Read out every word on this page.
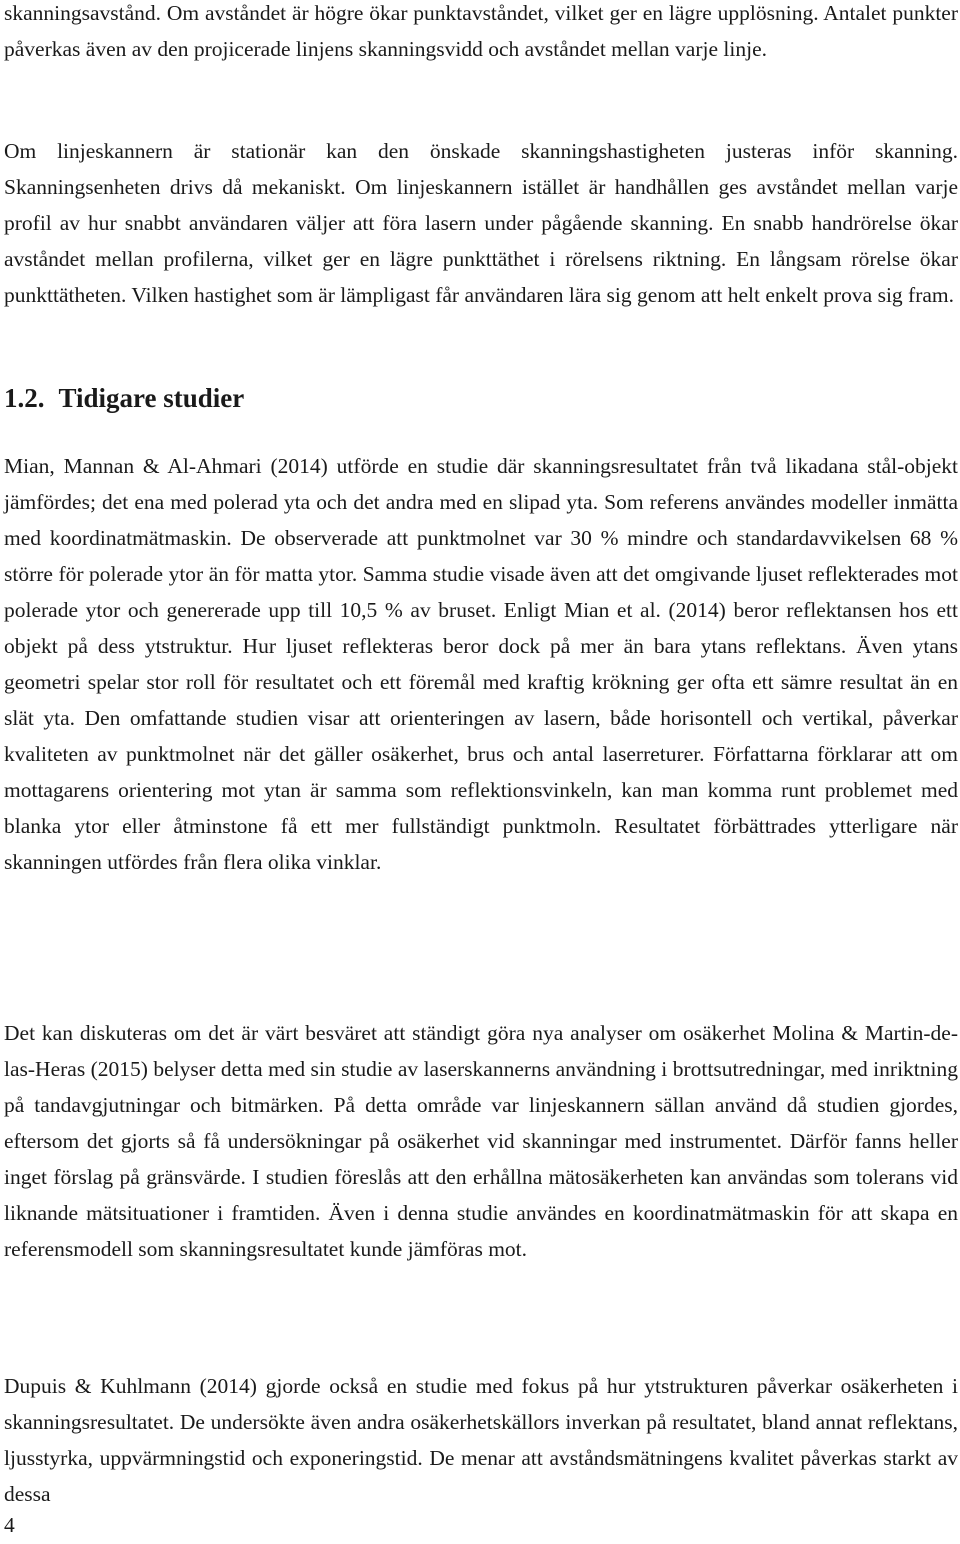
skanningsavstånd. Om avståndet är högre ökar punktavståndet, vilket ger en lägre upplösning. Antalet punkter påverkas även av den projicerade linjens skanningsvidd och avståndet mellan varje linje.

Om linjeskannern är stationär kan den önskade skanningshastigheten justeras inför skanning. Skanningsenheten drivs då mekaniskt. Om linjeskannern istället är handhållen ges avståndet mellan varje profil av hur snabbt användaren väljer att föra lasern under pågående skanning. En snabb handrörelse ökar avståndet mellan profilerna, vilket ger en lägre punkttäthet i rörelsens riktning. En långsam rörelse ökar punkttätheten. Vilken hastighet som är lämpligast får användaren lära sig genom att helt enkelt prova sig fram.

1.2. Tidigare studier

Mian, Mannan & Al-Ahmari (2014) utförde en studie där skanningsresultatet från två likadana stål-objekt jämfördes; det ena med polerad yta och det andra med en slipad yta. Som referens användes modeller inmätta med koordinatmätmaskin. De observerade att punktmolnet var 30 % mindre och standardavvikelsen 68 % större för polerade ytor än för matta ytor. Samma studie visade även att det omgivande ljuset reflekterades mot polerade ytor och genererade upp till 10,5 % av bruset. Enligt Mian et al. (2014) beror reflektansen hos ett objekt på dess ytstruktur. Hur ljuset reflekteras beror dock på mer än bara ytans reflektans. Även ytans geometri spelar stor roll för resultatet och ett föremål med kraftig krökning ger ofta ett sämre resultat än en slät yta. Den omfattande studien visar att orienteringen av lasern, både horisontell och vertikal, påverkar kvaliteten av punktmolnet när det gäller osäkerhet, brus och antal laserreturer. Författarna förklarar att om mottagarens orientering mot ytan är samma som reflektionsvinkeln, kan man komma runt problemet med blanka ytor eller åtminstone få ett mer fullständigt punktmoln. Resultatet förbättrades ytterligare när skanningen utfördes från flera olika vinklar.

Det kan diskuteras om det är värt besväret att ständigt göra nya analyser om osäkerhet Molina & Martin-de-las-Heras (2015) belyser detta med sin studie av laserskannerns användning i brottsutredningar, med inriktning på tandavgjutningar och bitmärken. På detta område var linjeskannern sällan använd då studien gjordes, eftersom det gjorts så få undersökningar på osäkerhet vid skanningar med instrumentet. Därför fanns heller inget förslag på gränsvärde. I studien föreslås att den erhållna mätosäkerheten kan användas som tolerans vid liknande mätsituationer i framtiden. Även i denna studie användes en koordinatmätmaskin för att skapa en referensmodell som skanningsresultatet kunde jämföras mot.

Dupuis & Kuhlmann (2014) gjorde också en studie med fokus på hur ytstrukturen påverkar osäkerheten i skanningsresultatet. De undersökte även andra osäkerhetskällors inverkan på resultatet, bland annat reflektans, ljusstyrka, uppvärmningstid och exponeringstid. De menar att avståndsmätningens kvalitet påverkas starkt av dessa

4
